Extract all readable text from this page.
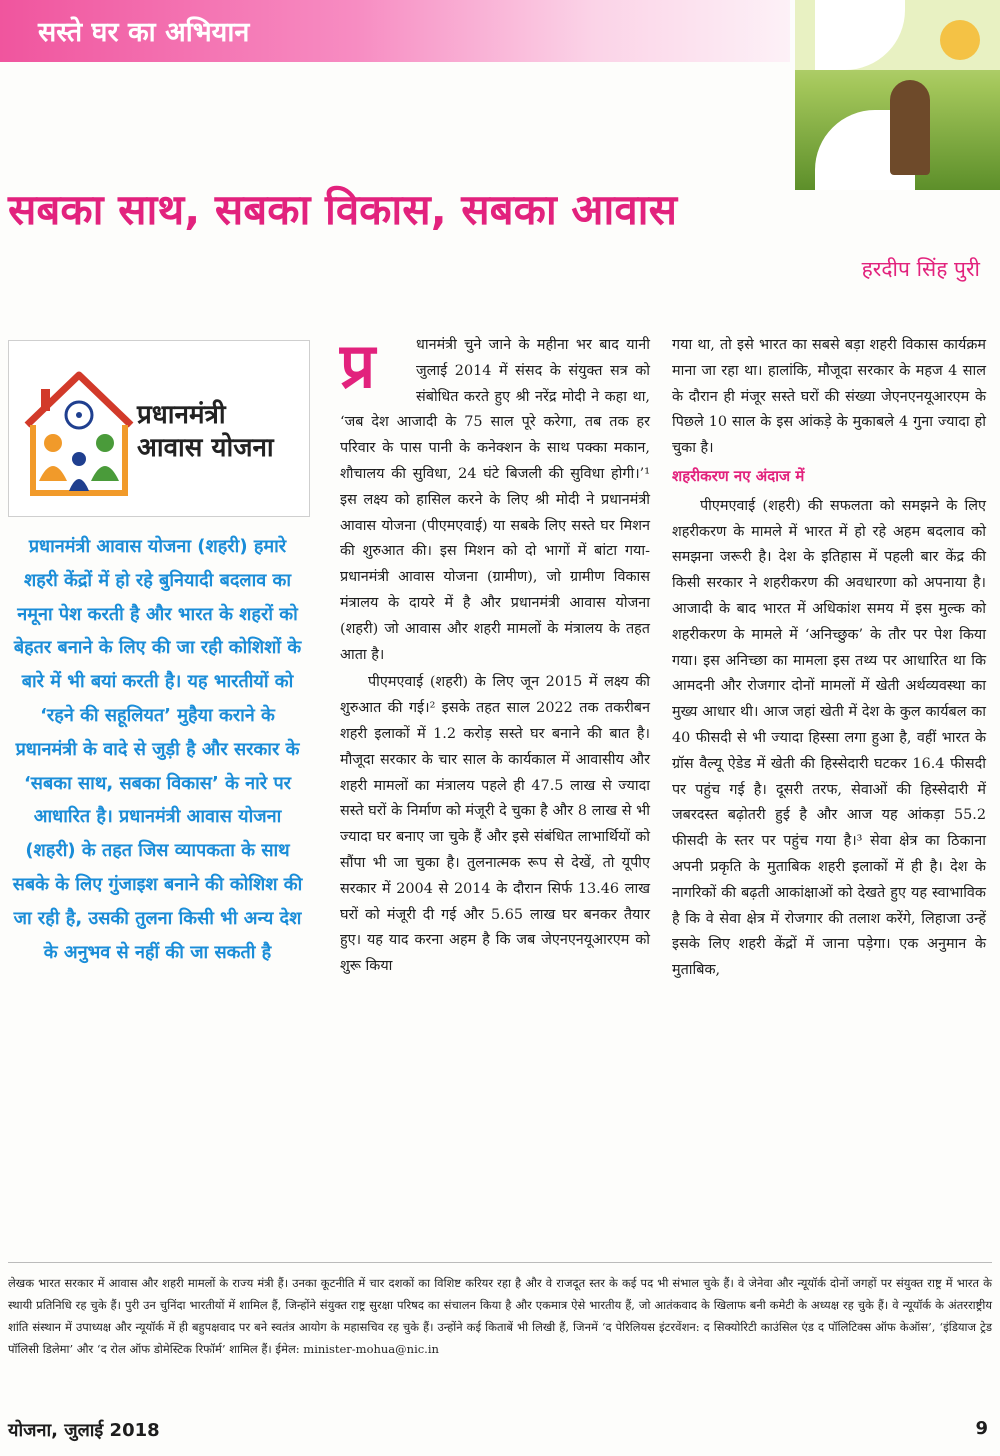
सस्ते घर का अभियान
सबका साथ, सबका विकास, सबका आवास
हरदीप सिंह पुरी
प्रधानमंत्री
आवास योजना
प्रधानमंत्री आवास योजना (शहरी) हमारे शहरी केंद्रों में हो रहे बुनियादी बदलाव का नमूना पेश करती है और भारत के शहरों को बेहतर बनाने के लिए की जा रही कोशिशों के बारे में भी बयां करती है। यह भारतीयों को ‘रहने की सहूलियत’ मुहैया कराने के प्रधानमंत्री के वादे से जुड़ी है और सरकार के ‘सबका साथ, सबका विकास’ के नारे पर आधारित है। प्रधानमंत्री आवास योजना (शहरी) के तहत जिस व्यापकता के साथ सबके के लिए गुंजाइश बनाने की कोशिश की जा रही है, उसकी तुलना किसी भी अन्य देश के अनुभव से नहीं की जा सकती है

प्र	धानमंत्री चुने जाने के महीना भर बाद यानी जुलाई 2014 में संसद के संयुक्त सत्र को संबोधित करते हुए श्री नरेंद्र मोदी ने कहा था, ‘जब देश आजादी के 75 साल पूरे करेगा, तब तक हर परिवार के पास पानी के कनेक्शन के साथ पक्का मकान, शौचालय की सुविधा, 24 घंटे बिजली की सुविधा होगी।’¹ इस लक्ष्य को हासिल करने के लिए श्री मोदी ने प्रधानमंत्री आवास योजना (पीएमएवाई) या सबके लिए सस्ते घर मिशन की शुरुआत की। इस मिशन को दो भागों में बांटा गया- प्रधानमंत्री आवास योजना (ग्रामीण), जो ग्रामीण विकास मंत्रालय के दायरे में है और प्रधानमंत्री आवास योजना (शहरी) जो आवास और शहरी मामलों के मंत्रालय के तहत आता है।

पीएमएवाई (शहरी) के लिए जून 2015 में लक्ष्य की शुरुआत की गई।² इसके तहत साल 2022 तक तकरीबन शहरी इलाकों में 1.2 करोड़ सस्ते घर बनाने की बात है। मौजूदा सरकार के चार साल के कार्यकाल में आवासीय और शहरी मामलों का मंत्रालय पहले ही 47.5 लाख से ज्यादा सस्ते घरों के निर्माण को मंजूरी दे चुका है और 8 लाख से भी ज्यादा घर बनाए जा चुके हैं और इसे संबंधित लाभार्थियों को सौंपा भी जा चुका है। तुलनात्मक रूप से देखें, तो यूपीए सरकार में 2004 से 2014 के दौरान सिर्फ 13.46 लाख घरों को मंजूरी दी गई और 5.65 लाख घर बनकर तैयार हुए। यह याद करना अहम है कि जब जेएनएनयूआरएम को शुरू किया

गया था, तो इसे भारत का सबसे बड़ा शहरी विकास कार्यक्रम माना जा रहा था। हालांकि, मौजूदा सरकार के महज 4 साल के दौरान ही मंजूर सस्ते घरों की संख्या जेएनएनयूआरएम के पिछले 10 साल के इस आंकड़े के मुकाबले 4 गुना ज्यादा हो चुका है।

शहरीकरण नए अंदाज में

पीएमएवाई (शहरी) की सफलता को समझने के लिए शहरीकरण के मामले में भारत में हो रहे अहम बदलाव को समझना जरूरी है। देश के इतिहास में पहली बार केंद्र की किसी सरकार ने शहरीकरण की अवधारणा को अपनाया है। आजादी के बाद भारत में अधिकांश समय में इस मुल्क को शहरीकरण के मामले में ‘अनिच्छुक’ के तौर पर पेश किया गया। इस अनिच्छा का मामला इस तथ्य पर आधारित था कि आमदनी और रोजगार दोनों मामलों में खेती अर्थव्यवस्था का मुख्य आधार थी। आज जहां खेती में देश के कुल कार्यबल का 40 फीसदी से भी ज्यादा हिस्सा लगा हुआ है, वहीं भारत के ग्रॉस वैल्यू ऐडेड में खेती की हिस्सेदारी घटकर 16.4 फीसदी पर पहुंच गई है। दूसरी तरफ, सेवाओं की हिस्सेदारी में जबरदस्त बढ़ोतरी हुई है और आज यह आंकड़ा 55.2 फीसदी के स्तर पर पहुंच गया है।³ सेवा क्षेत्र का ठिकाना अपनी प्रकृति के मुताबिक शहरी इलाकों में ही है। देश के नागरिकों की बढ़ती आकांक्षाओं को देखते हुए यह स्वाभाविक है कि वे सेवा क्षेत्र में रोजगार की तलाश करेंगे, लिहाजा उन्हें इसके लिए शहरी केंद्रों में जाना पड़ेगा। एक अनुमान के मुताबिक,

लेखक भारत सरकार में आवास और शहरी मामलों के राज्य मंत्री हैं। उनका कूटनीति में चार दशकों का विशिष्ट करियर रहा है और वे राजदूत स्तर के कई पद भी संभाल चुके हैं। वे जेनेवा और न्यूयॉर्क दोनों जगहों पर संयुक्त राष्ट्र में भारत के स्थायी प्रतिनिधि रह चुके हैं। पुरी उन चुनिंदा भारतीयों में शामिल हैं, जिन्होंने संयुक्त राष्ट्र सुरक्षा परिषद का संचालन किया है और एकमात्र ऐसे भारतीय हैं, जो आतंकवाद के खिलाफ बनी कमेटी के अध्यक्ष रह चुके हैं। वे न्यूयॉर्क के अंतरराष्ट्रीय शांति संस्थान में उपाध्यक्ष और न्यूयॉर्क में ही बहुपक्षवाद पर बने स्वतंत्र आयोग के महासचिव रह चुके हैं। उन्होंने कई किताबें भी लिखी हैं, जिनमें ‘द पेरिलियस इंटरवेंशन: द सिक्योरिटी काउंसिल एंड द पॉलिटिक्स ऑफ केऑस’, ‘इंडियाज ट्रेड पॉलिसी डिलेमा’ और ‘द रोल ऑफ डोमेस्टिक रिफॉर्म’ शामिल हैं। ईमेल: minister-mohua@nic.in
योजना, जुलाई 2018	9
